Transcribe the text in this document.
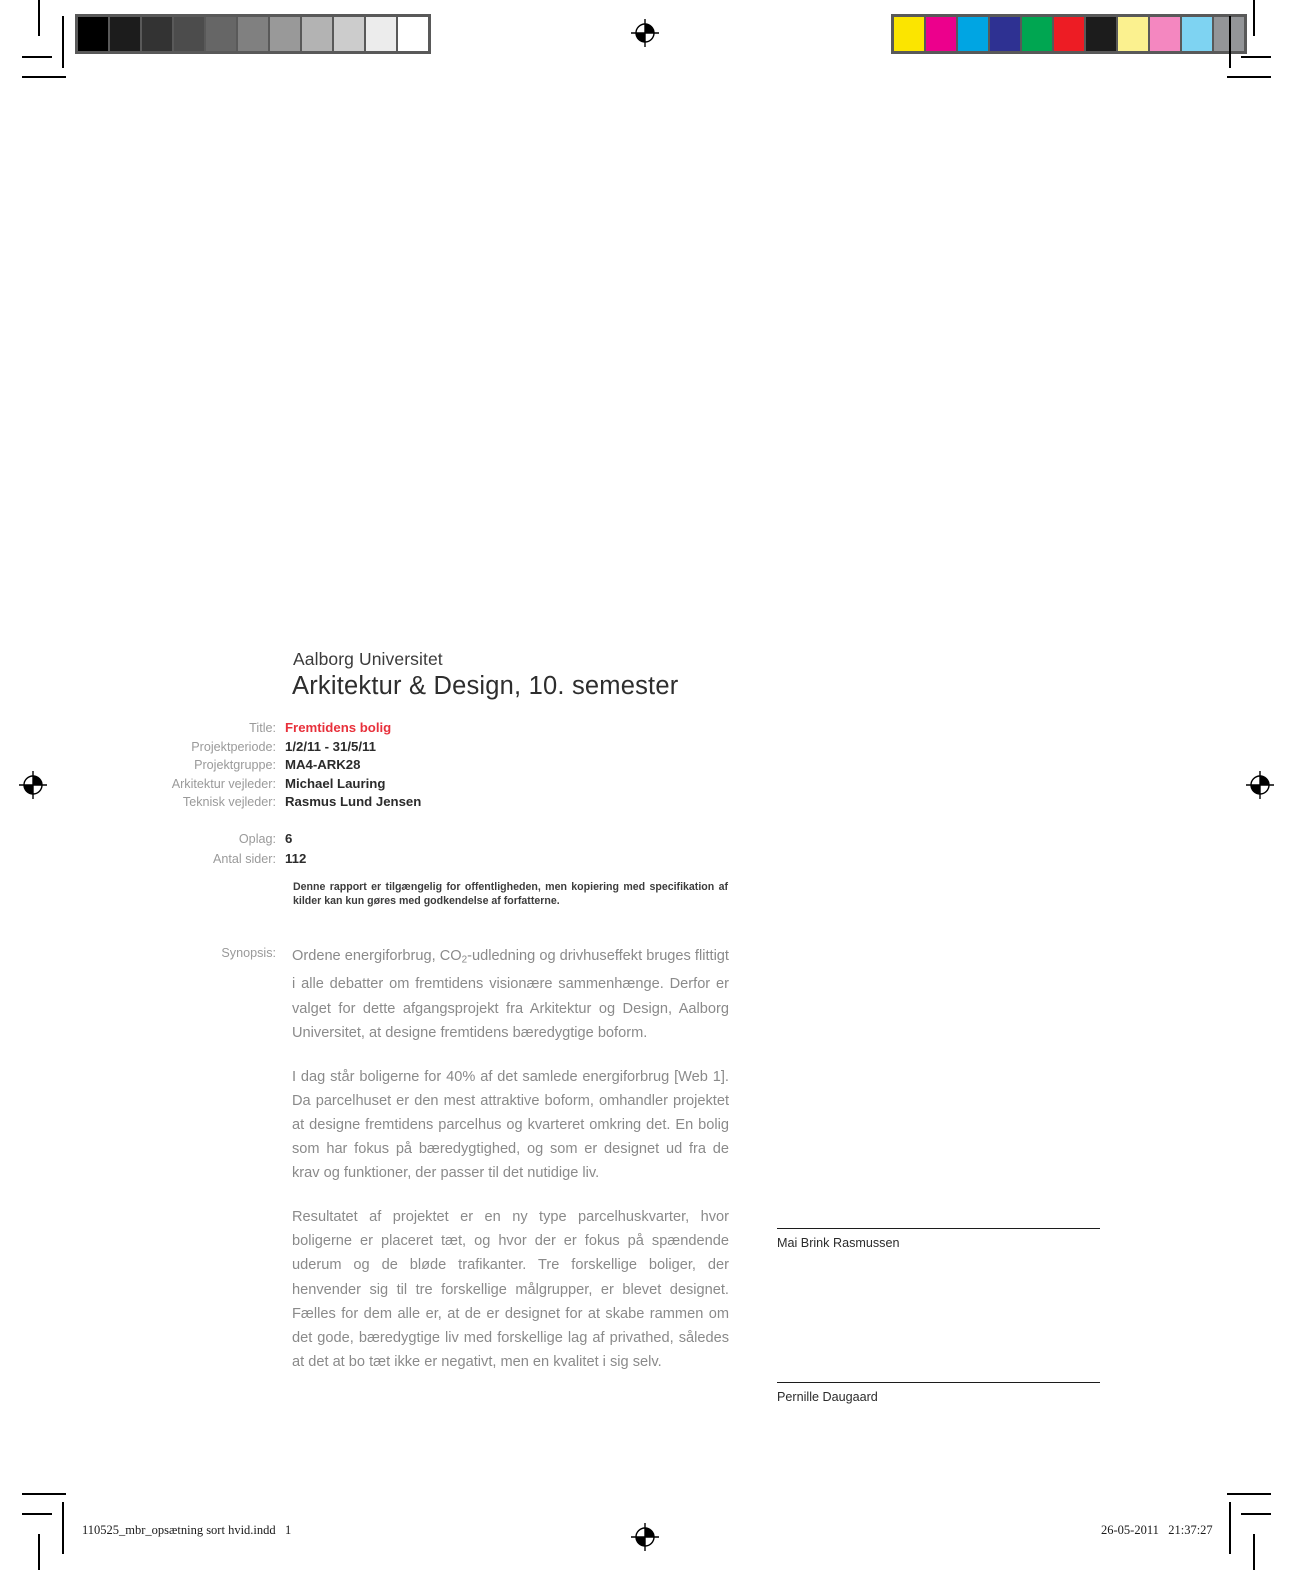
Aalborg Universitet
Arkitektur & Design, 10. semester
Title: Fremtidens bolig
Projektperiode: 1/2/11 - 31/5/11
Projektgruppe: MA4-ARK28
Arkitektur vejleder: Michael Lauring
Teknisk vejleder: Rasmus Lund Jensen
Oplag: 6
Antal sider: 112
Denne rapport er tilgængelig for offentligheden, men kopiering med specifikation af kilder kan kun gøres med godkendelse af forfatterne.
Synopsis:	Ordene energiforbrug, $CO_2$-udledning og drivhuseffekt bruges flittigt i alle debatter om fremtidens visionære sammenhænge. Derfor er valget for dette afgangsprojekt fra Arkitektur og Design, Aalborg Universitet, at designe fremtidens bæredygtige boform.

I dag står boligerne for 40% af det samlede energiforbrug [Web 1]. Da parcelhuset er den mest attraktive boform, omhandler projektet at designe fremtidens parcelhus og kvarteret omkring det. En bolig som har fokus på bæredygtighed, og som er designet ud fra de krav og funktioner, der passer til det nutidige liv.

Resultatet af projektet er en ny type parcelhuskvarter, hvor boligerne er placeret tæt, og hvor der er fokus på spændende uderum og de bløde trafikanter. Tre forskellige boliger, der henvender sig til tre forskellige målgrupper, er blevet designet. Fælles for dem alle er, at de er designet for at skabe rammen om det gode, bæredygtige liv med forskellige lag af privathed, således at det at bo tæt ikke er negativt, men en kvalitet i sig selv.

Mai Brink Rasmussen
Pernille Daugaard
110525_mbr_opsætning sort hvid.indd   1	26-05-2011   21:37:27
